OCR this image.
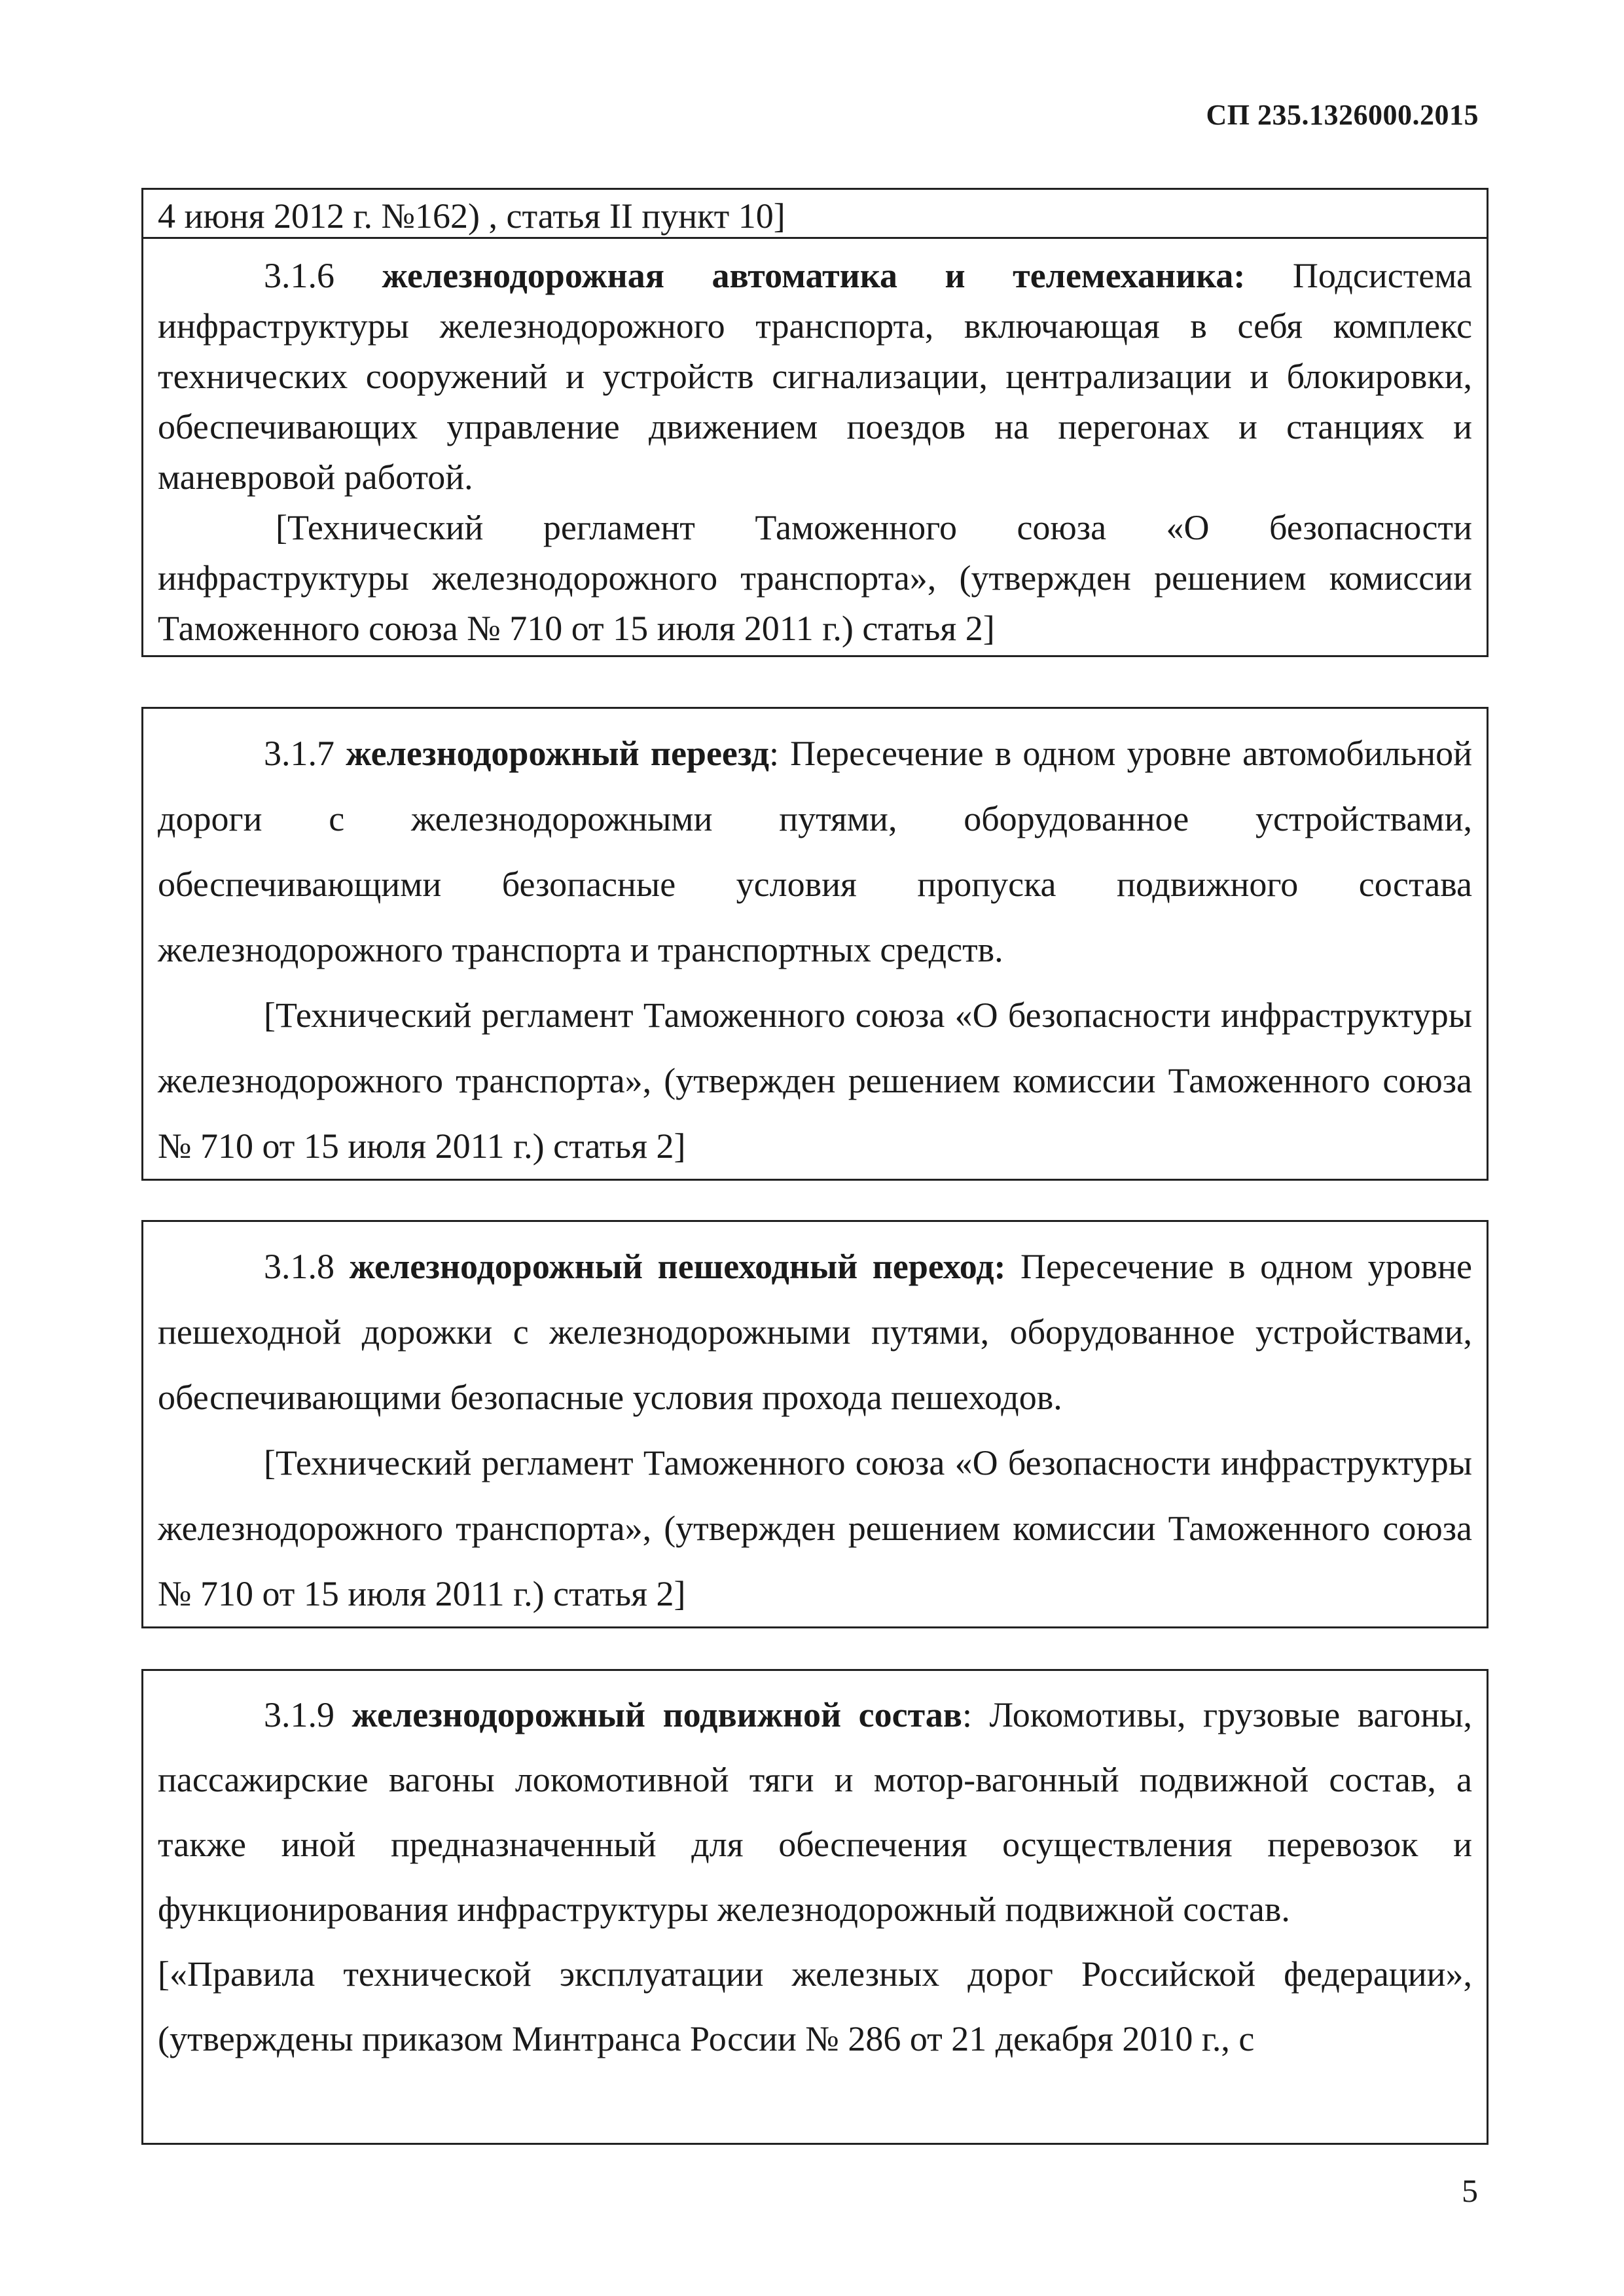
СП 235.1326000.2015

4 июня 2012 г. №162) , статья II пункт 10]

3.1.6 железнодорожная автоматика и телемеханика: Подсистема инфраструктуры железнодорожного транспорта, включающая в себя комплекс технических сооружений и устройств сигнализации, централизации и блокировки, обеспечивающих управление движением поездов на перегонах и станциях и маневровой работой.

[Технический регламент Таможенного союза «О безопасности инфраструктуры железнодорожного транспорта», (утвержден решением комиссии Таможенного союза № 710 от 15 июля 2011 г.) статья 2]

3.1.7 железнодорожный переезд: Пересечение в одном уровне автомобильной дороги с железнодорожными путями, оборудованное устройствами, обеспечивающими безопасные условия пропуска подвижного состава железнодорожного транспорта и транспортных средств.

[Технический регламент Таможенного союза «О безопасности инфраструктуры железнодорожного транспорта», (утвержден решением комиссии Таможенного союза № 710 от 15 июля 2011 г.) статья 2]

3.1.8 железнодорожный пешеходный переход: Пересечение в одном уровне пешеходной дорожки с железнодорожными путями, оборудованное устройствами, обеспечивающими безопасные условия прохода пешеходов.

[Технический регламент Таможенного союза «О безопасности инфраструктуры железнодорожного транспорта», (утвержден решением комиссии Таможенного союза № 710 от 15 июля 2011 г.) статья 2]

3.1.9 железнодорожный подвижной состав: Локомотивы, грузовые вагоны, пассажирские вагоны локомотивной тяги и мотор-вагонный подвижной состав, а также иной предназначенный для обеспечения осуществления перевозок и функционирования инфраструктуры железнодорожный подвижной состав.

[«Правила технической эксплуатации железных дорог Российской федерации», (утверждены приказом Минтранса России № 286 от 21 декабря 2010 г., с

5
